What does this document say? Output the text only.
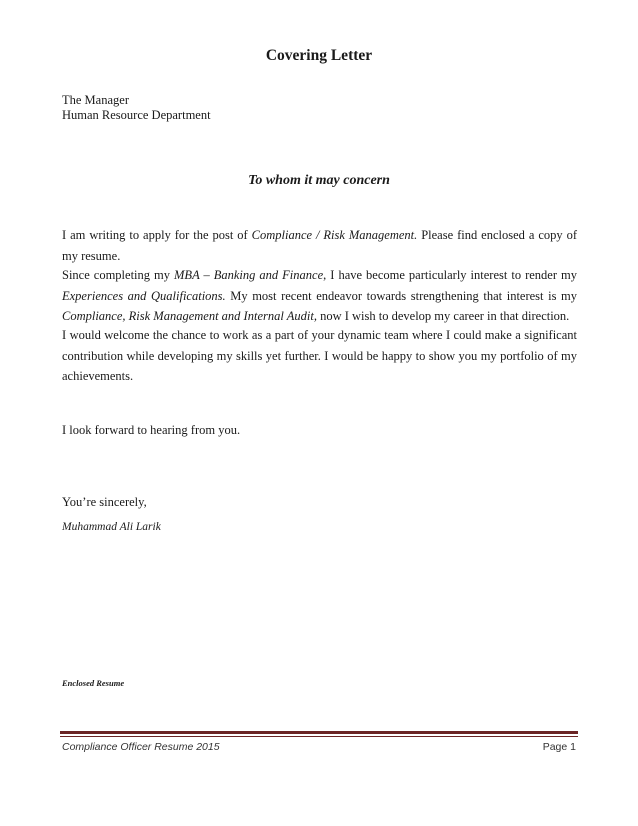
Covering Letter
The Manager
Human Resource Department
To whom it may concern

I am writing to apply for the post of Compliance / Risk Management. Please find enclosed a copy of my resume.

Since completing my MBA – Banking and Finance, I have become particularly interest to render my Experiences and Qualifications. My most recent endeavor towards strengthening that interest is my Compliance, Risk Management and Internal Audit, now I wish to develop my career in that direction.

I would welcome the chance to work as a part of your dynamic team where I could make a significant contribution while developing my skills yet further. I would be happy to show you my portfolio of my achievements.

I look forward to hearing from you.

You’re sincerely,
Muhammad Ali Larik
Enclosed Resume
Compliance Officer Resume 2015	Page 1
